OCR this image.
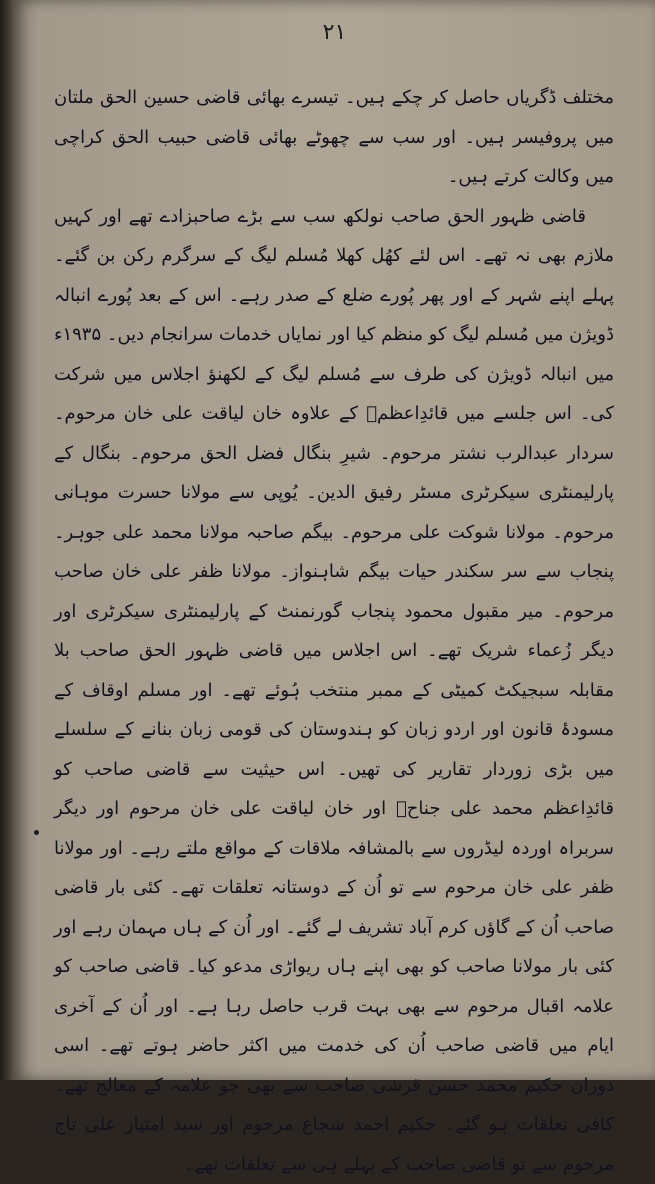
۲۱

مختلف ڈگریاں حاصل کر چکے ہیں۔ تیسرے بھائی قاضی حسین الحق ملتان میں پروفیسر ہیں۔ اور سب سے چھوٹے بھائی قاضی حبیب الحق کراچی میں وکالت کرتے ہیں۔

قاضی ظہور الحق صاحب نولکھ سب سے بڑے صاحبزادے تھے اور کہیں ملازم بھی نہ تھے۔ اس لئے کھُل کھلا مُسلم لیگ کے سرگرم رکن بن گئے۔ پہلے اپنے شہر کے اور پھر پُورے ضلع کے صدر رہے۔ اس کے بعد پُورے انبالہ ڈویژن میں مُسلم لیگ کو منظم کیا اور نمایاں خدمات سرانجام دیں۔ ۱۹۳۵ء میں انبالہ ڈویژن کی طرف سے مُسلم لیگ کے لکھنؤ اجلاس میں شرکت کی۔ اس جلسے میں قائدِاعظمؒ کے علاوہ خان لیاقت علی خان مرحوم۔ سردار عبدالرب نشتر مرحوم۔ شیرِ بنگال فضل الحق مرحوم۔ بنگال کے پارلیمنٹری سیکرٹری مسٹر رفیق الدین۔ یُوپی سے مولانا حسرت موہانی مرحوم۔ مولانا شوکت علی مرحوم۔ بیگم صاحبہ مولانا محمد علی جوہر۔ پنجاب سے سر سکندر حیات بیگم شاہنواز۔ مولانا ظفر علی خان صاحب مرحوم۔ میر مقبول محمود پنجاب گورنمنٹ کے پارلیمنٹری سیکرٹری اور دیگر زُعماء شریک تھے۔ اس اجلاس میں قاضی ظہور الحق صاحب بلا مقابلہ سبجیکٹ کمیٹی کے ممبر منتخب ہُوئے تھے۔ اور مسلم اوقاف کے مسودۂ قانون اور اردو زبان کو ہندوستان کی قومی زبان بنانے کے سلسلے میں بڑی زوردار تقاریر کی تھیں۔ اس حیثیت سے قاضی صاحب کو قائدِاعظم محمد علی جناحؒ اور خان لیاقت علی خان مرحوم اور دیگر سربراہ اوردہ لیڈروں سے بالمشافہ ملاقات کے مواقع ملتے رہے۔ اور مولانا ظفر علی خان مرحوم سے تو اُن کے دوستانہ تعلقات تھے۔ کئی بار قاضی صاحب اُن کے گاؤں کرم آباد تشریف لے گئے۔ اور اُن کے ہاں مہمان رہے اور کئی بار مولانا صاحب کو بھی اپنے ہاں ریواڑی مدعو کیا۔ قاضی صاحب کو علامہ اقبال مرحوم سے بھی بہت قرب حاصل رہا ہے۔ اور اُن کے آخری ایام میں قاضی صاحب اُن کی خدمت میں اکثر حاضر ہوتے تھے۔ اسی دوران حکیم محمد حسن قرشی صاحب سے بھی جو علامہ کے معالج تھے۔ کافی تعلقات ہو گئے۔ حکیم احمد شجاع مرحوم اور سید امتیاز علی تاج مرحوم سے تو قاضی صاحب کے پہلے ہی سے تعلقات تھے۔
